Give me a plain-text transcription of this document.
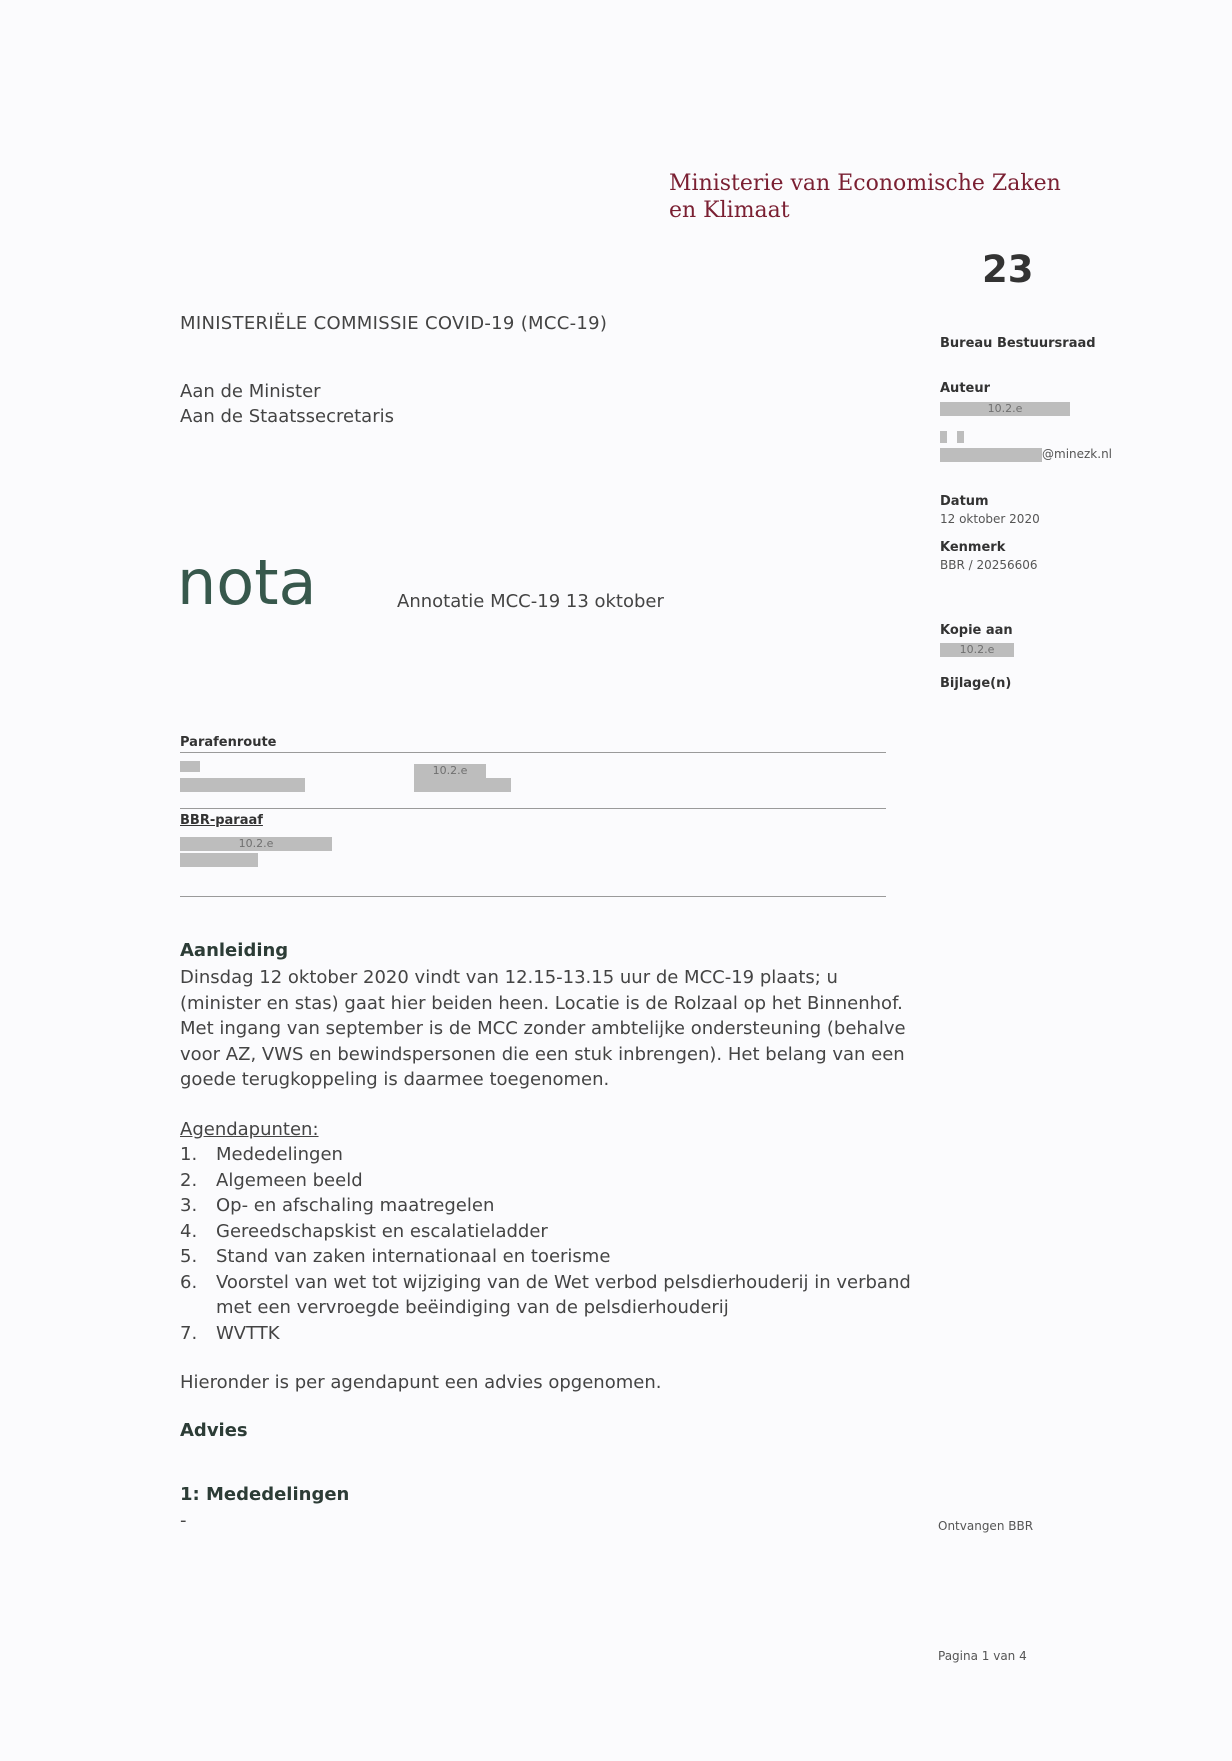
Ministerie van Economische Zaken
en Klimaat
23
MINISTERIËLE COMMISSIE COVID-19 (MCC-19)
Aan de Minister
Aan de Staatssecretaris
nota	Annotatie MCC-19 13 oktober
Bureau Bestuursraad
Auteur
10.2.e

@minezk.nl
Datum
12 oktober 2020
Kenmerk
BBR / 20256606
Kopie aan
10.2.e
Bijlage(n)
Parafenroute
10.2.e
BBR-paraaf
10.2.e
Aanleiding
Dinsdag 12 oktober 2020 vindt van 12.15-13.15 uur de MCC-19 plaats; u (minister en stas) gaat hier beiden heen. Locatie is de Rolzaal op het Binnenhof. Met ingang van september is de MCC zonder ambtelijke ondersteuning (behalve voor AZ, VWS en bewindspersonen die een stuk inbrengen). Het belang van een goede terugkoppeling is daarmee toegenomen.
Agendapunten:
1.	Mededelingen
2.	Algemeen beeld
3.	Op- en afschaling maatregelen
4.	Gereedschapskist en escalatieladder
5.	Stand van zaken internationaal en toerisme
6.	Voorstel van wet tot wijziging van de Wet verbod pelsdierhouderij in verband met een vervroegde beëindiging van de pelsdierhouderij
7.	WVTTK
Hieronder is per agendapunt een advies opgenomen.
Advies
1: Mededelingen
-	Ontvangen BBR
Pagina 1 van 4
